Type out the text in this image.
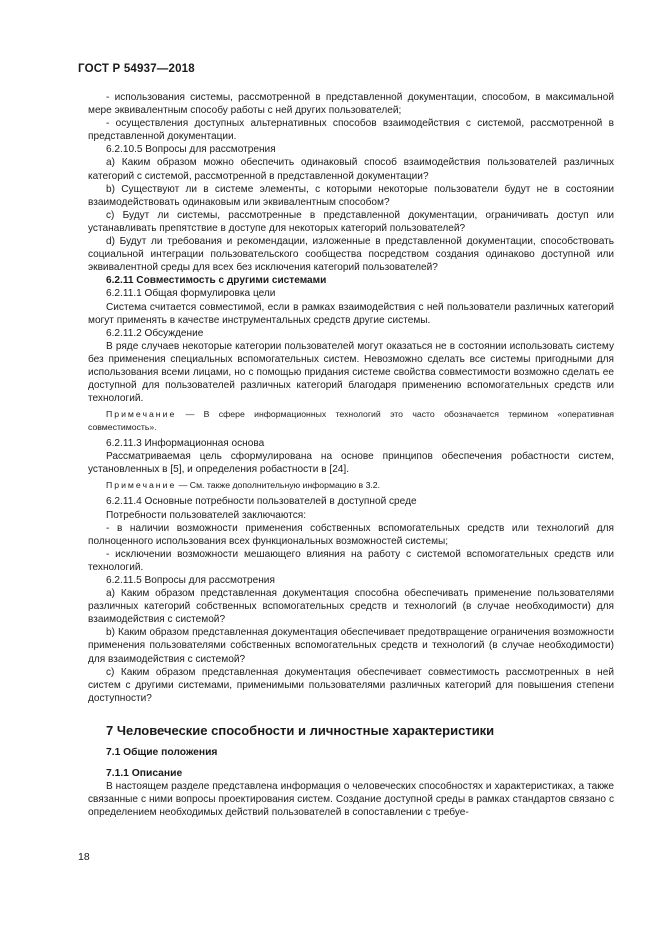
ГОСТ Р 54937—2018

- использования системы, рассмотренной в представленной документации, способом, в максимальной мере эквивалентным способу работы с ней других пользователей;

- осуществления доступных альтернативных способов взаимодействия с системой, рассмотренной в представленной документации.

6.2.10.5 Вопросы для рассмотрения

a) Каким образом можно обеспечить одинаковый способ взаимодействия пользователей различных категорий с системой, рассмотренной в представленной документации?

b) Существуют ли в системе элементы, с которыми некоторые пользователи будут не в состоянии взаимодействовать одинаковым или эквивалентным способом?

c) Будут ли системы, рассмотренные в представленной документации, ограничивать доступ или устанавливать препятствие в доступе для некоторых категорий пользователей?

d) Будут ли требования и рекомендации, изложенные в представленной документации, способствовать социальной интеграции пользовательского сообщества посредством создания одинаково доступной или эквивалентной среды для всех без исключения категорий пользователей?

6.2.11 Совместимость с другими системами

6.2.11.1 Общая формулировка цели

Система считается совместимой, если в рамках взаимодействия с ней пользователи различных категорий могут применять в качестве инструментальных средств другие системы.

6.2.11.2 Обсуждение

В ряде случаев некоторые категории пользователей могут оказаться не в состоянии использовать систему без применения специальных вспомогательных систем. Невозможно сделать все системы пригодными для использования всеми лицами, но с помощью придания системе свойства совместимости возможно сделать ее доступной для пользователей различных категорий благодаря применению вспомогательных средств или технологий.

Примечание — В сфере информационных технологий это часто обозначается термином «оперативная совместимость».

6.2.11.3 Информационная основа

Рассматриваемая цель сформулирована на основе принципов обеспечения робастности систем, установленных в [5], и определения робастности в [24].

Примечание — См. также дополнительную информацию в 3.2.

6.2.11.4 Основные потребности пользователей в доступной среде

Потребности пользователей заключаются:

- в наличии возможности применения собственных вспомогательных средств или технологий для полноценного использования всех функциональных возможностей системы;

- исключении возможности мешающего влияния на работу с системой вспомогательных средств или технологий.

6.2.11.5 Вопросы для рассмотрения

a) Каким образом представленная документация способна обеспечивать применение пользователями различных категорий собственных вспомогательных средств и технологий (в случае необходимости) для взаимодействия с системой?

b) Каким образом представленная документация обеспечивает предотвращение ограничения возможности применения пользователями собственных вспомогательных средств и технологий (в случае необходимости) для взаимодействия с системой?

c) Каким образом представленная документация обеспечивает совместимость рассмотренных в ней систем с другими системами, применимыми пользователями различных категорий для повышения степени доступности?

7 Человеческие способности и личностные характеристики
7.1 Общие положения
7.1.1 Описание

В настоящем разделе представлена информация о человеческих способностях и характеристиках, а также связанные с ними вопросы проектирования систем. Создание доступной среды в рамках стандартов связано с определением необходимых действий пользователей в сопоставлении с требуе-

18
